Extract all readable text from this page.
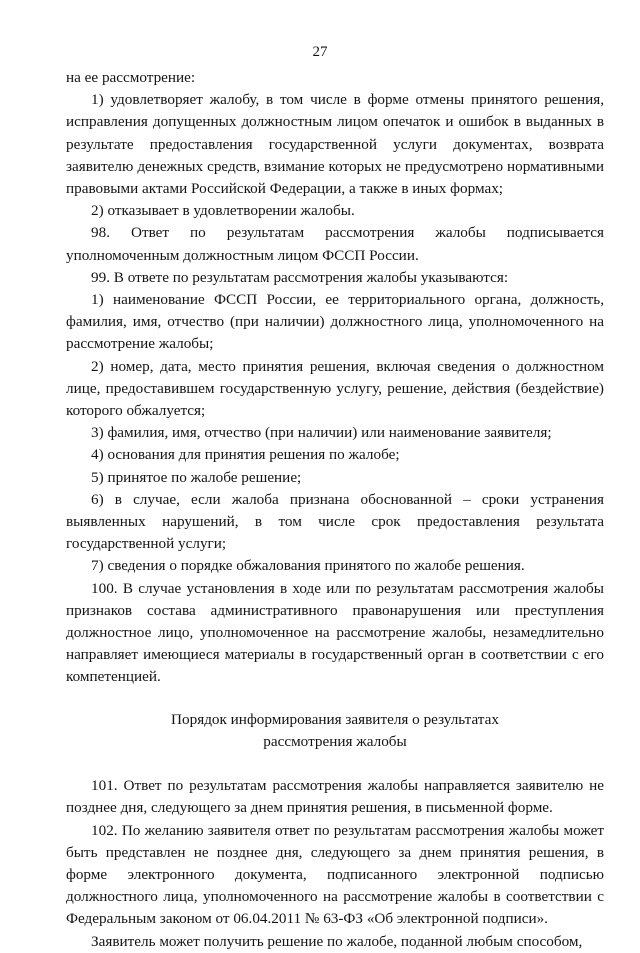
27

на ее рассмотрение:

1) удовлетворяет жалобу, в том числе в форме отмены принятого решения, исправления допущенных должностным лицом опечаток и ошибок в выданных в результате предоставления государственной услуги документах, возврата заявителю денежных средств, взимание которых не предусмотрено нормативными правовыми актами Российской Федерации, а также в иных формах;

2) отказывает в удовлетворении жалобы.

98. Ответ по результатам рассмотрения жалобы подписывается уполномоченным должностным лицом ФССП России.

99. В ответе по результатам рассмотрения жалобы указываются:

1) наименование ФССП России, ее территориального органа, должность, фамилия, имя, отчество (при наличии) должностного лица, уполномоченного на рассмотрение жалобы;

2) номер, дата, место принятия решения, включая сведения о должностном лице, предоставившем государственную услугу, решение, действия (бездействие) которого обжалуется;

3) фамилия, имя, отчество (при наличии) или наименование заявителя;

4) основания для принятия решения по жалобе;

5) принятое по жалобе решение;

6) в случае, если жалоба признана обоснованной – сроки устранения выявленных нарушений, в том числе срок предоставления результата государственной услуги;

7) сведения о порядке обжалования принятого по жалобе решения.

100. В случае установления в ходе или по результатам рассмотрения жалобы признаков состава административного правонарушения или преступления должностное лицо, уполномоченное на рассмотрение жалобы, незамедлительно направляет имеющиеся материалы в государственный орган в соответствии с его компетенцией.

Порядок информирования заявителя о результатах

рассмотрения жалобы

101. Ответ по результатам рассмотрения жалобы направляется заявителю не позднее дня, следующего за днем принятия решения, в письменной форме.

102. По желанию заявителя ответ по результатам рассмотрения жалобы может быть представлен не позднее дня, следующего за днем принятия решения, в форме электронного документа, подписанного электронной подписью должностного лица, уполномоченного на рассмотрение жалобы в соответствии с Федеральным законом от 06.04.2011 № 63-ФЗ «Об электронной подписи».

Заявитель может получить решение по жалобе, поданной любым способом,
